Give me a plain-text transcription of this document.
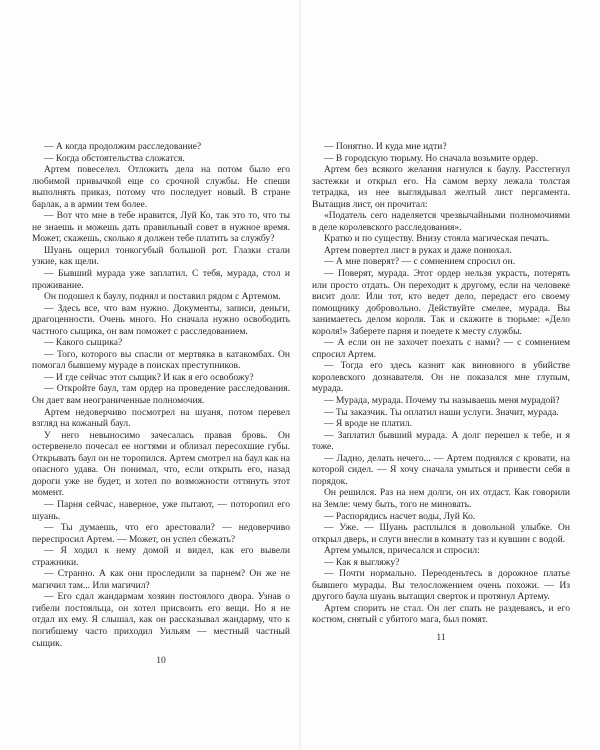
— А когда продолжим расследование?

— Когда обстоятельства сложатся.

Артем повеселел. Отложить дела на потом было его любимой привычкой еще со срочной службы. Не спеши выполнять приказ, потому что последует новый. В стране барлак, а в армии тем более.

— Вот что мне в тебе нравится, Луй Ко, так это то, что ты не знаешь и можешь дать правильный совет в нужное время. Может, скажешь, сколько я должен тебе платить за службу?

Шуань ощерил тонкогубый большой рот. Глазки стали узкие, как щели.

— Бывший мурада уже заплатил. С тебя, мурада, стол и проживание.

Он подошел к баулу, поднял и поставил рядом с Артемом.

— Здесь все, что вам нужно. Документы, записи, деньги, драгоценности. Очень много. Но сначала нужно освободить частного сыщика, он вам поможет с расследованием.

— Какого сыщика?

— Того, которого вы спасли от мертвяка в катакомбах. Он помогал бывшему мураде в поисках преступников.

— И где сейчас этот сыщик? И как я его освобожу?

— Откройте баул, там ордер на проведение расследования. Он дает вам неограниченные полномочия.

Артем недоверчиво посмотрел на шуаня, потом перевел взгляд на кожаный баул.

У него невыносимо зачесалась правая бровь. Он остервенело почесал ее ногтями и облизал пересохшие губы. Открывать баул он не торопился. Артем смотрел на баул как на опасного удава. Он понимал, что, если открыть его, назад дороги уже не будет, и хотел по возможности оттянуть этот момент.

— Парня сейчас, наверное, уже пытают, — поторопил его шуань.

— Ты думаешь, что его арестовали? — недоверчиво переспросил Артем. — Может, он успел сбежать?

— Я ходил к нему домой и видел, как его вывели стражники.

— Странно. А как они проследили за парнем? Он же не магичил там... Или магичил?

— Его сдал жандармам хозяин постоялого двора. Узнав о гибели постояльца, он хотел присвоить его вещи. Но я не отдал их ему. Я слышал, как он рассказывал жандарму, что к погибшему часто приходил Уильям — местный частный сыщик.

10

— Понятно. И куда мне идти?

— В городскую тюрьму. Но сначала возьмите ордер.

Артем без всякого желания нагнулся к баулу. Расстегнул застежки и открыл его. На самом верху лежала толстая тетрадка, из нее выглядывал желтый лист пергамента. Вытащив лист, он прочитал:

«Податель сего наделяется чрезвычайными полномочиями в деле королевского расследования».

Кратко и по существу. Внизу стояла магическая печать.

Артем повертел лист в руках и даже понюхал.

— А мне поверят? — с сомнением спросил он.

— Поверят, мурада. Этот ордер нельзя украсть, потерять или просто отдать. Он переходит к другому, если на человеке висит долг. Или тот, кто ведет дело, передаст его своему помощнику добровольно. Действуйте смелее, мурада. Вы занимаетесь делом короля. Так и скажите в тюрьме: «Дело короля!» Заберете парня и поедете к месту службы.

— А если он не захочет поехать с нами? — с сомнением спросил Артем.

— Тогда его здесь казнят как виновного в убийстве королевского дознавателя. Он не показался мне глупым, мурада.

— Мурада, мурада. Почему ты называешь меня мурадой?

— Ты заказчик. Ты оплатил наши услуги. Значит, мурада.

— Я вроде не платил.

— Заплатил бывший мурада. А долг перешел к тебе, и я тоже.

— Ладно, делать нечего... — Артем поднялся с кровати, на которой сидел. — Я хочу сначала умыться и привести себя в порядок.

Он решился. Раз на нем долги, он их отдаст. Как говорили на Земле: чему быть, того не миновать.

— Распорядись насчет воды, Луй Ко.

— Уже. — Шуань расплылся в довольной улыбке. Он открыл дверь, и слуги внесли в комнату таз и кувшин с водой.

Артем умылся, причесался и спросил:

— Как я выгляжу?

— Почти нормально. Переоденьтесь в дорожное платье бывшего мурады. Вы телосложением очень похожи. — Из другого баула шуань вытащил сверток и протянул Артему.

Артем спорить не стал. Он лег спать не раздеваясь, и его костюм, снятый с убитого мага, был помят.

11
